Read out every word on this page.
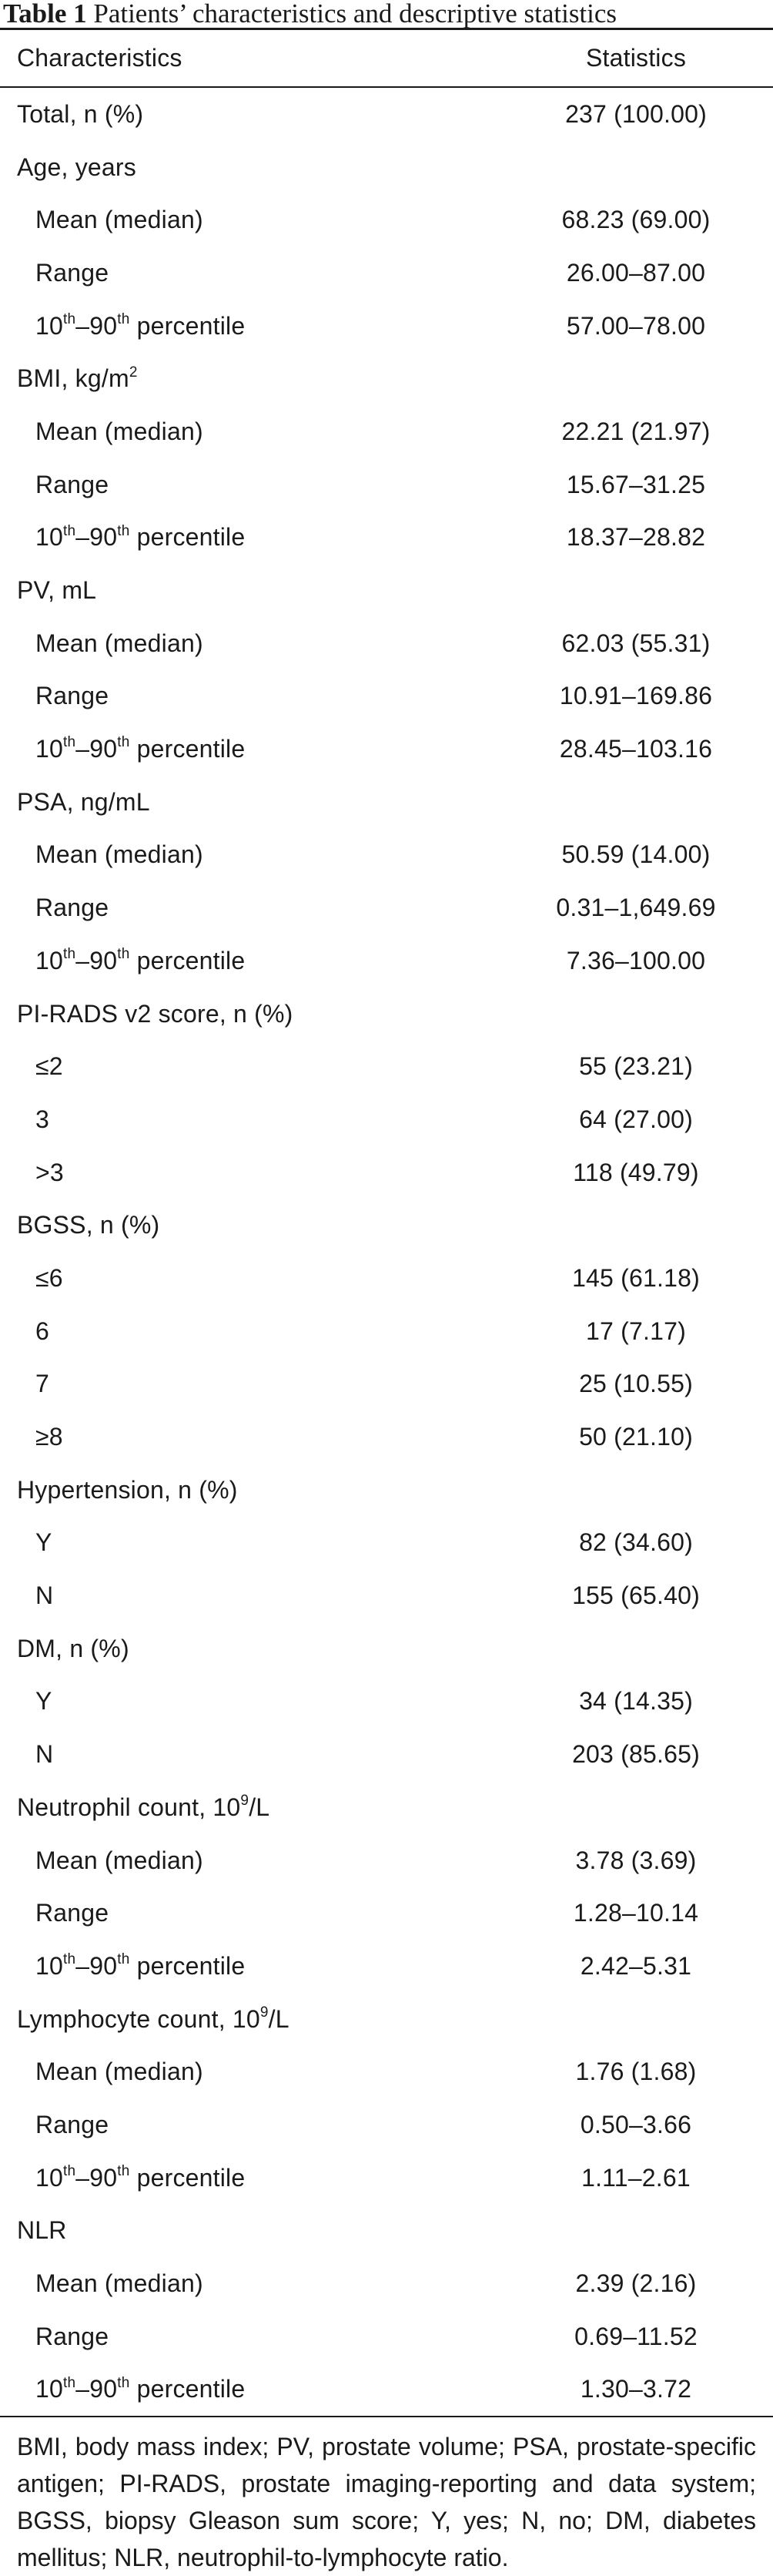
Table 1 Patients’ characteristics and descriptive statistics
Characteristics	Statistics
Total, n (%)	237 (100.00)
Age, years
Mean (median)	68.23 (69.00)
Range	26.00–87.00
10th–90th percentile	57.00–78.00
BMI, $kg/m^2$
Mean (median)	22.21 (21.97)
Range	15.67–31.25
10th–90th percentile	18.37–28.82
PV, mL
Mean (median)	62.03 (55.31)
Range	10.91–169.86
10th–90th percentile	28.45–103.16
PSA, ng/mL
Mean (median)	50.59 (14.00)
Range	0.31–1,649.69
10th–90th percentile	7.36–100.00
PI-RADS v2 score, n (%)
≤2	55 (23.21)
3	64 (27.00)
>3	118 (49.79)
BGSS, n (%)
≤6	145 (61.18)
6	17 (7.17)
7	25 (10.55)
≥8	50 (21.10)
Hypertension, n (%)
Y	82 (34.60)
N	155 (65.40)
DM, n (%)
Y	34 (14.35)
N	203 (85.65)
Neutrophil count, $10^9/L$
Mean (median)	3.78 (3.69)
Range	1.28–10.14
10th–90th percentile	2.42–5.31
Lymphocyte count, $10^9/L$
Mean (median)	1.76 (1.68)
Range	0.50–3.66
10th–90th percentile	1.11–2.61
NLR
Mean (median)	2.39 (2.16)
Range	0.69–11.52
10th–90th percentile	1.30–3.72
BMI, body mass index; PV, prostate volume; PSA, prostate-specific antigen; PI-RADS, prostate imaging-reporting and data system; BGSS, biopsy Gleason sum score; Y, yes; N, no; DM, diabetes mellitus; NLR, neutrophil-to-lymphocyte ratio.
